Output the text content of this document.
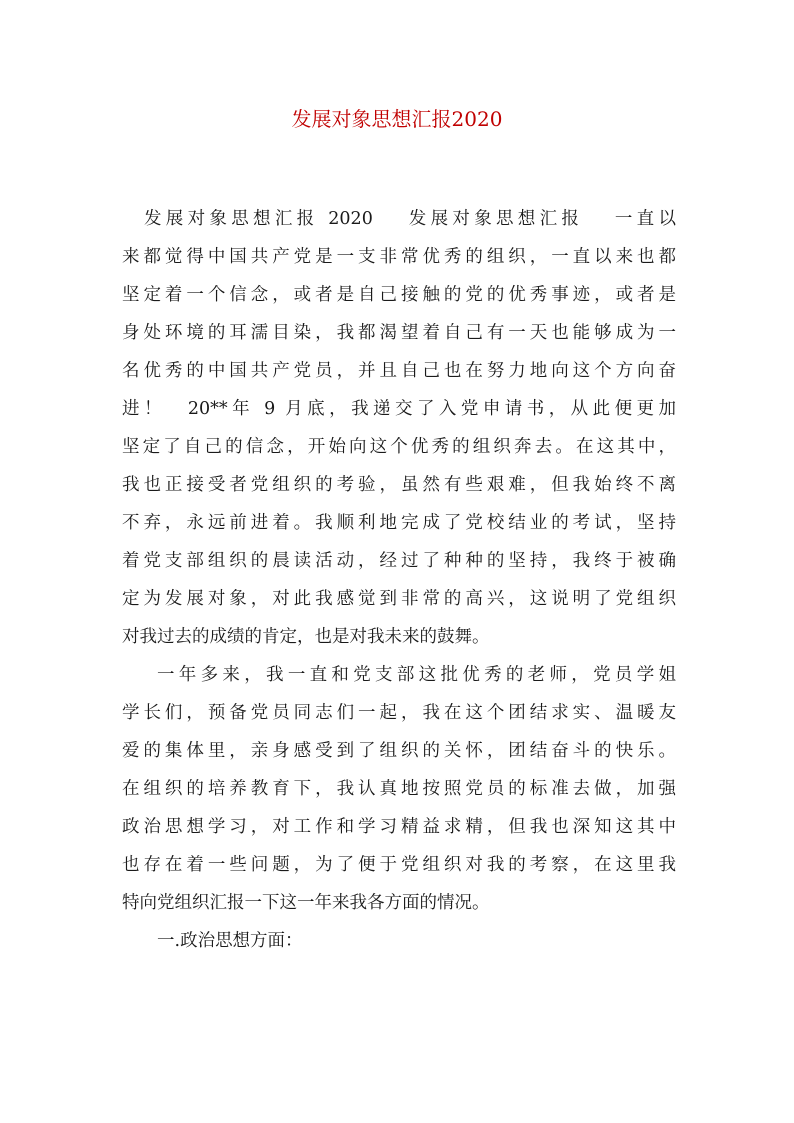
发展对象思想汇报2020
发展对象思想汇报 2020　 发展对象思想汇报　 一直以
来都觉得中国共产党是一支非常优秀的组织，一直以来也都
坚定着一个信念，或者是自己接触的党的优秀事迹，或者是
身处环境的耳濡目染，我都渴望着自己有一天也能够成为一
名优秀的中国共产党员，并且自己也在努力地向这个方向奋
进！　20**年 9 月底，我递交了入党申请书，从此便更加
坚定了自己的信念，开始向这个优秀的组织奔去。在这其中，
我也正接受者党组织的考验，虽然有些艰难，但我始终不离
不弃，永远前进着。我顺利地完成了党校结业的考试，坚持
着党支部组织的晨读活动，经过了种种的坚持，我终于被确
定为发展对象，对此我感觉到非常的高兴，这说明了党组织
对我过去的成绩的肯定，也是对我未来的鼓舞。
一年多来，我一直和党支部这批优秀的老师，党员学姐
学长们，预备党员同志们一起，我在这个团结求实、温暖友
爱的集体里，亲身感受到了组织的关怀，团结奋斗的快乐。
在组织的培养教育下，我认真地按照党员的标准去做，加强
政治思想学习，对工作和学习精益求精，但我也深知这其中
也存在着一些问题，为了便于党组织对我的考察，在这里我
特向党组织汇报一下这一年来我各方面的情况。
一.政治思想方面：
